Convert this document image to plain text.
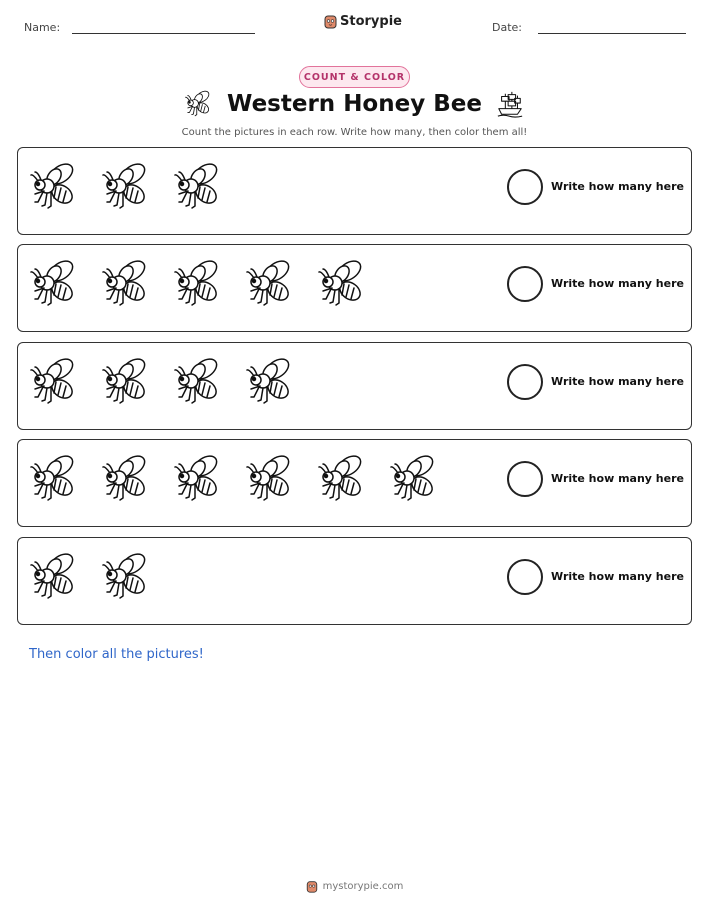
Name:	Storypie	Date:
COUNT & COLOR
Western Honey Bee
Count the pictures in each row. Write how many, then color them all!
Write how many here
Write how many here
Write how many here
Write how many here
Write how many here
Then color all the pictures!
mystorypie.com
